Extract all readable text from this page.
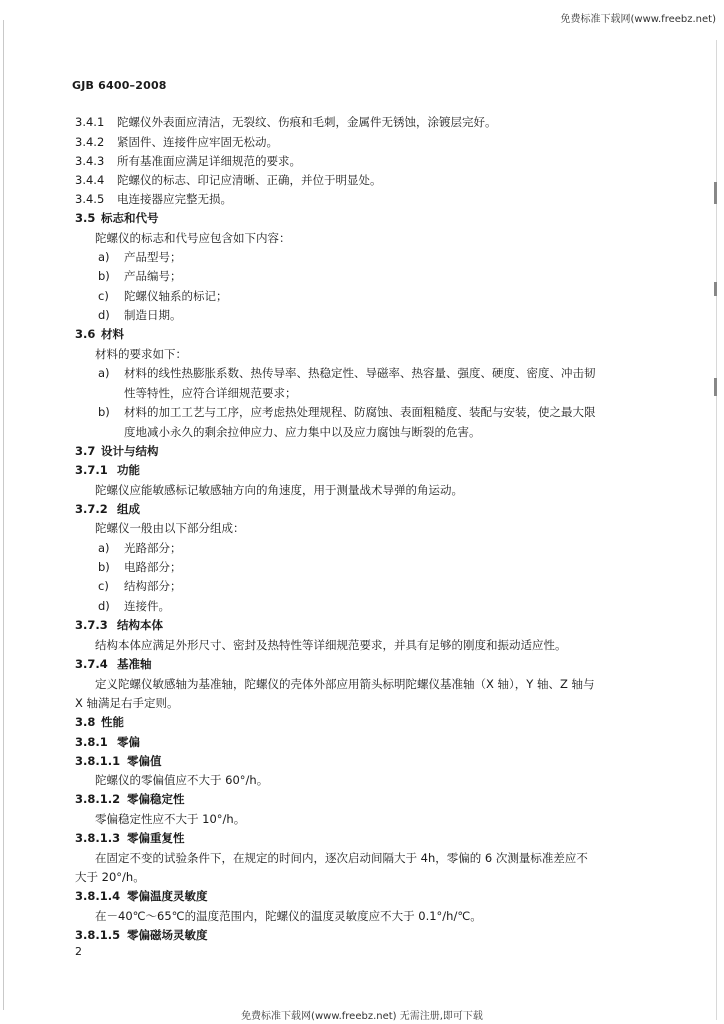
免费标准下载网(www.freebz.net)
GJB 6400–2008
3.4.1 陀螺仪外表面应清洁，无裂纹、伤痕和毛刺，金属件无锈蚀，涂镀层完好。
3.4.2 紧固件、连接件应牢固无松动。
3.4.3 所有基准面应满足详细规范的要求。
3.4.4 陀螺仪的标志、印记应清晰、正确，并位于明显处。
3.4.5 电连接器应完整无损。
3.5 标志和代号
陀螺仪的标志和代号应包含如下内容：
a) 产品型号；
b) 产品编号；
c) 陀螺仪轴系的标记；
d) 制造日期。
3.6 材料
材料的要求如下：
a) 材料的线性热膨胀系数、热传导率、热稳定性、导磁率、热容量、强度、硬度、密度、冲击韧
性等特性，应符合详细规范要求；
b) 材料的加工工艺与工序，应考虑热处理规程、防腐蚀、表面粗糙度、装配与安装，使之最大限
度地减小永久的剩余拉伸应力、应力集中以及应力腐蚀与断裂的危害。
3.7 设计与结构
3.7.1 功能
陀螺仪应能敏感标记敏感轴方向的角速度，用于测量战术导弹的角运动。
3.7.2 组成
陀螺仪一般由以下部分组成：
a) 光路部分；
b) 电路部分；
c) 结构部分；
d) 连接件。
3.7.3 结构本体
结构本体应满足外形尺寸、密封及热特性等详细规范要求，并具有足够的刚度和振动适应性。
3.7.4 基准轴
定义陀螺仪敏感轴为基准轴，陀螺仪的壳体外部应用箭头标明陀螺仪基准轴（X 轴），Y 轴、Z 轴与
X 轴满足右手定则。
3.8 性能
3.8.1 零偏
3.8.1.1 零偏值
陀螺仪的零偏值应不大于 60°/h。
3.8.1.2 零偏稳定性
零偏稳定性应不大于 10°/h。
3.8.1.3 零偏重复性
在固定不变的试验条件下，在规定的时间内，逐次启动间隔大于 4h，零偏的 6 次测量标准差应不
大于 20°/h。
3.8.1.4 零偏温度灵敏度
在－40℃～65℃的温度范围内，陀螺仪的温度灵敏度应不大于 0.1°/h/℃。
3.8.1.5 零偏磁场灵敏度
2
免费标准下载网(www.freebz.net) 无需注册,即可下载
